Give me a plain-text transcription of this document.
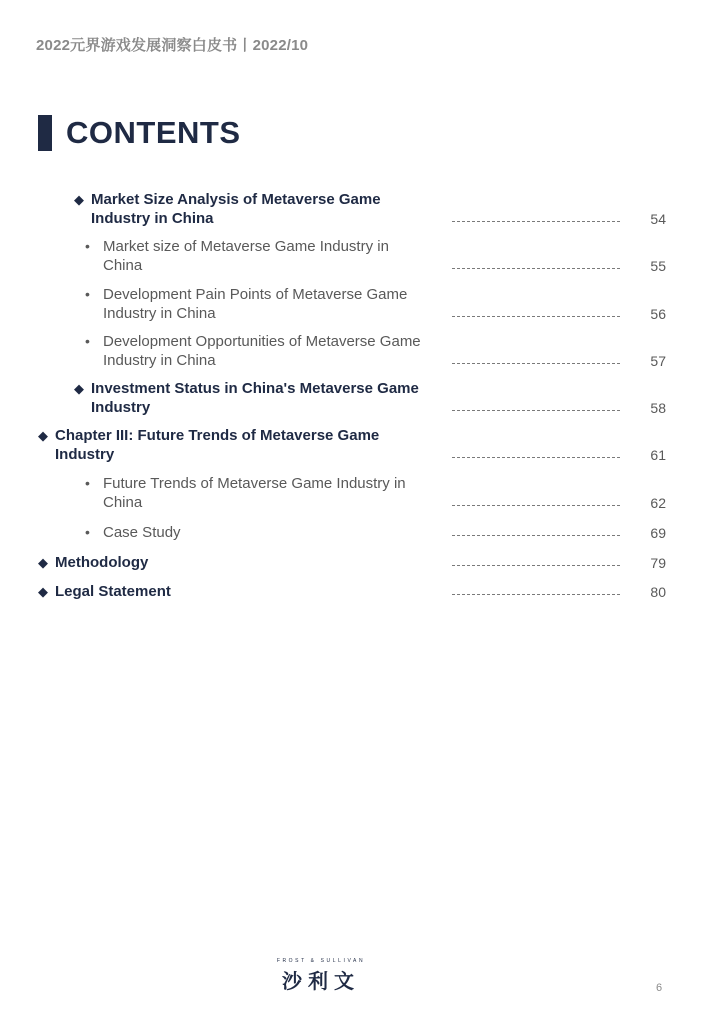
2022元界游戏发展洞察白皮书丨2022/10
CONTENTS
◆ Market Size Analysis of Metaverse Game
Industry in China	54
• Market size of Metaverse Game Industry in
China	55
• Development Pain Points of Metaverse Game
Industry in China	56
• Development Opportunities of Metaverse Game
Industry in China	57
◆ Investment Status in China's Metaverse Game
Industry	58
◆ Chapter III: Future Trends of Metaverse Game
Industry	61
• Future Trends of Metaverse Game Industry in
China	62
• Case Study	69
◆ Methodology	79
◆ Legal Statement	80
FROST & SULLIVAN
沙利文	6
